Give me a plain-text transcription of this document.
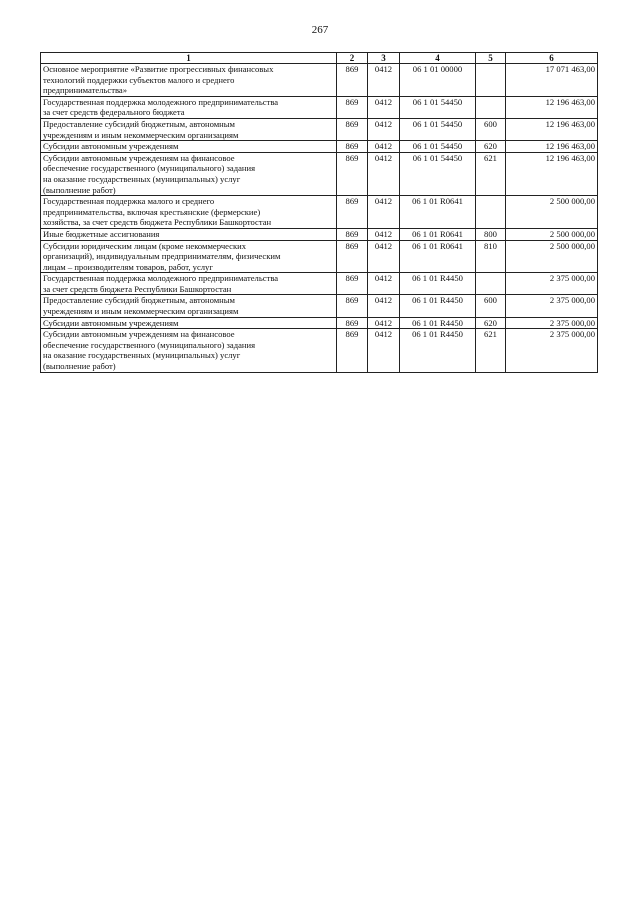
267
1	2	3	4	5	6

Основное мероприятие «Развитие прогрессивных финансовых
технологий поддержки субъектов малого и среднего
предпринимательства»	869	0412	06 1 01 00000		17 071 463,00

Государственная поддержка молодежного предпринимательства
за счет средств федерального бюджета	869	0412	06 1 01 54450		12 196 463,00

Предоставление субсидий бюджетным, автономным
учреждениям и иным некоммерческим организациям	869	0412	06 1 01 54450	600	12 196 463,00

Субсидии автономным учреждениям	869	0412	06 1 01 54450	620	12 196 463,00

Субсидии автономным учреждениям на финансовое
обеспечение государственного (муниципального) задания
на оказание государственных (муниципальных) услуг
(выполнение работ)	869	0412	06 1 01 54450	621	12 196 463,00

Государственная поддержка малого и среднего
предпринимательства, включая крестьянские (фермерские)
хозяйства, за счет средств бюджета Республики Башкортостан	869	0412	06 1 01 R0641		2 500 000,00

Иные бюджетные ассигнования	869	0412	06 1 01 R0641	800	2 500 000,00

Субсидии юридическим лицам (кроме некоммерческих
организаций), индивидуальным предпринимателям, физическим
лицам – производителям товаров, работ, услуг	869	0412	06 1 01 R0641	810	2 500 000,00

Государственная поддержка молодежного предпринимательства
за счет средств бюджета Республики Башкортостан	869	0412	06 1 01 R4450		2 375 000,00

Предоставление субсидий бюджетным, автономным
учреждениям и иным некоммерческим организациям	869	0412	06 1 01 R4450	600	2 375 000,00

Субсидии автономным учреждениям	869	0412	06 1 01 R4450	620	2 375 000,00

Субсидии автономным учреждениям на финансовое
обеспечение государственного (муниципального) задания
на оказание государственных (муниципальных) услуг
(выполнение работ)	869	0412	06 1 01 R4450	621	2 375 000,00
